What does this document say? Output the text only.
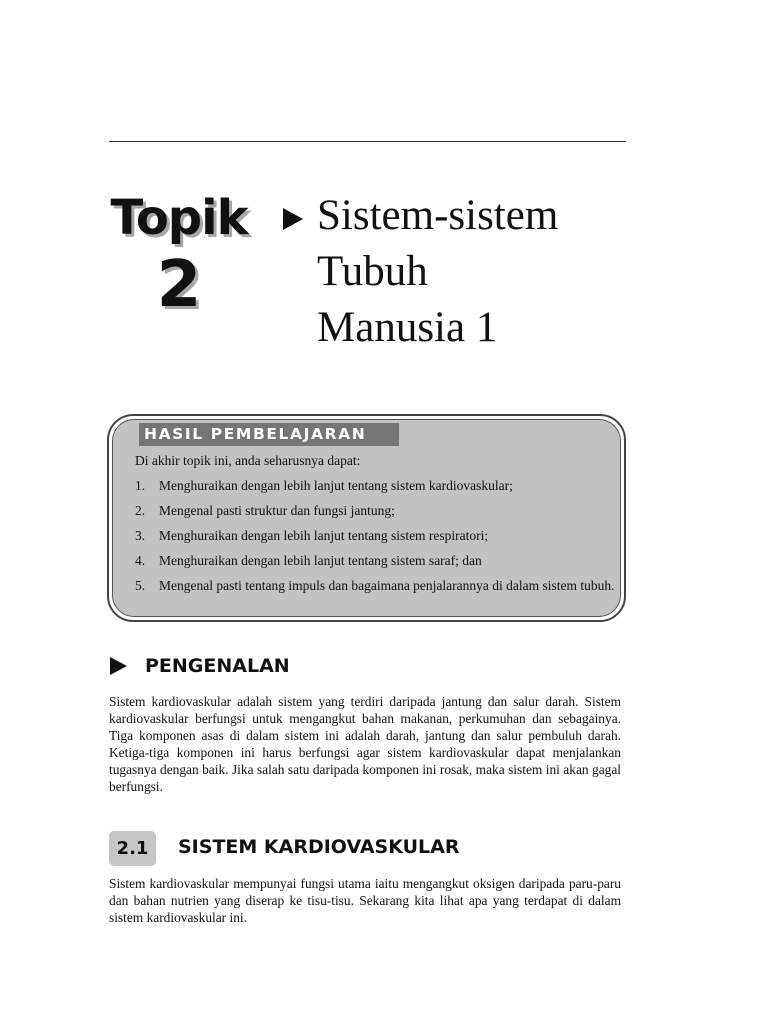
Topik
2
Sistem-sistem
Tubuh
Manusia 1
HASIL PEMBELAJARAN
Di akhir topik ini, anda seharusnya dapat:
1.	Menghuraikan dengan lebih lanjut tentang sistem kardiovaskular;
2.	Mengenal pasti struktur dan fungsi jantung;
3.	Menghuraikan dengan lebih lanjut tentang sistem respiratori;
4.	Menghuraikan dengan lebih lanjut tentang sistem saraf; dan
5.	Mengenal pasti tentang impuls dan bagaimana penjalarannya di dalam sistem tubuh.
PENGENALAN

Sistem kardiovaskular adalah sistem yang terdiri daripada jantung dan salur darah. Sistem kardiovaskular berfungsi untuk mengangkut bahan makanan, perkumuhan dan sebagainya. Tiga komponen asas di dalam sistem ini adalah darah, jantung dan salur pembuluh darah. Ketiga-tiga komponen ini harus berfungsi agar sistem kardiovaskular dapat menjalankan tugasnya dengan baik. Jika salah satu daripada komponen ini rosak, maka sistem ini akan gagal berfungsi.

2.1	SISTEM KARDIOVASKULAR

Sistem kardiovaskular mempunyai fungsi utama iaitu mengangkut oksigen daripada paru-paru dan bahan nutrien yang diserap ke tisu-tisu. Sekarang kita lihat apa yang terdapat di dalam sistem kardiovaskular ini.
